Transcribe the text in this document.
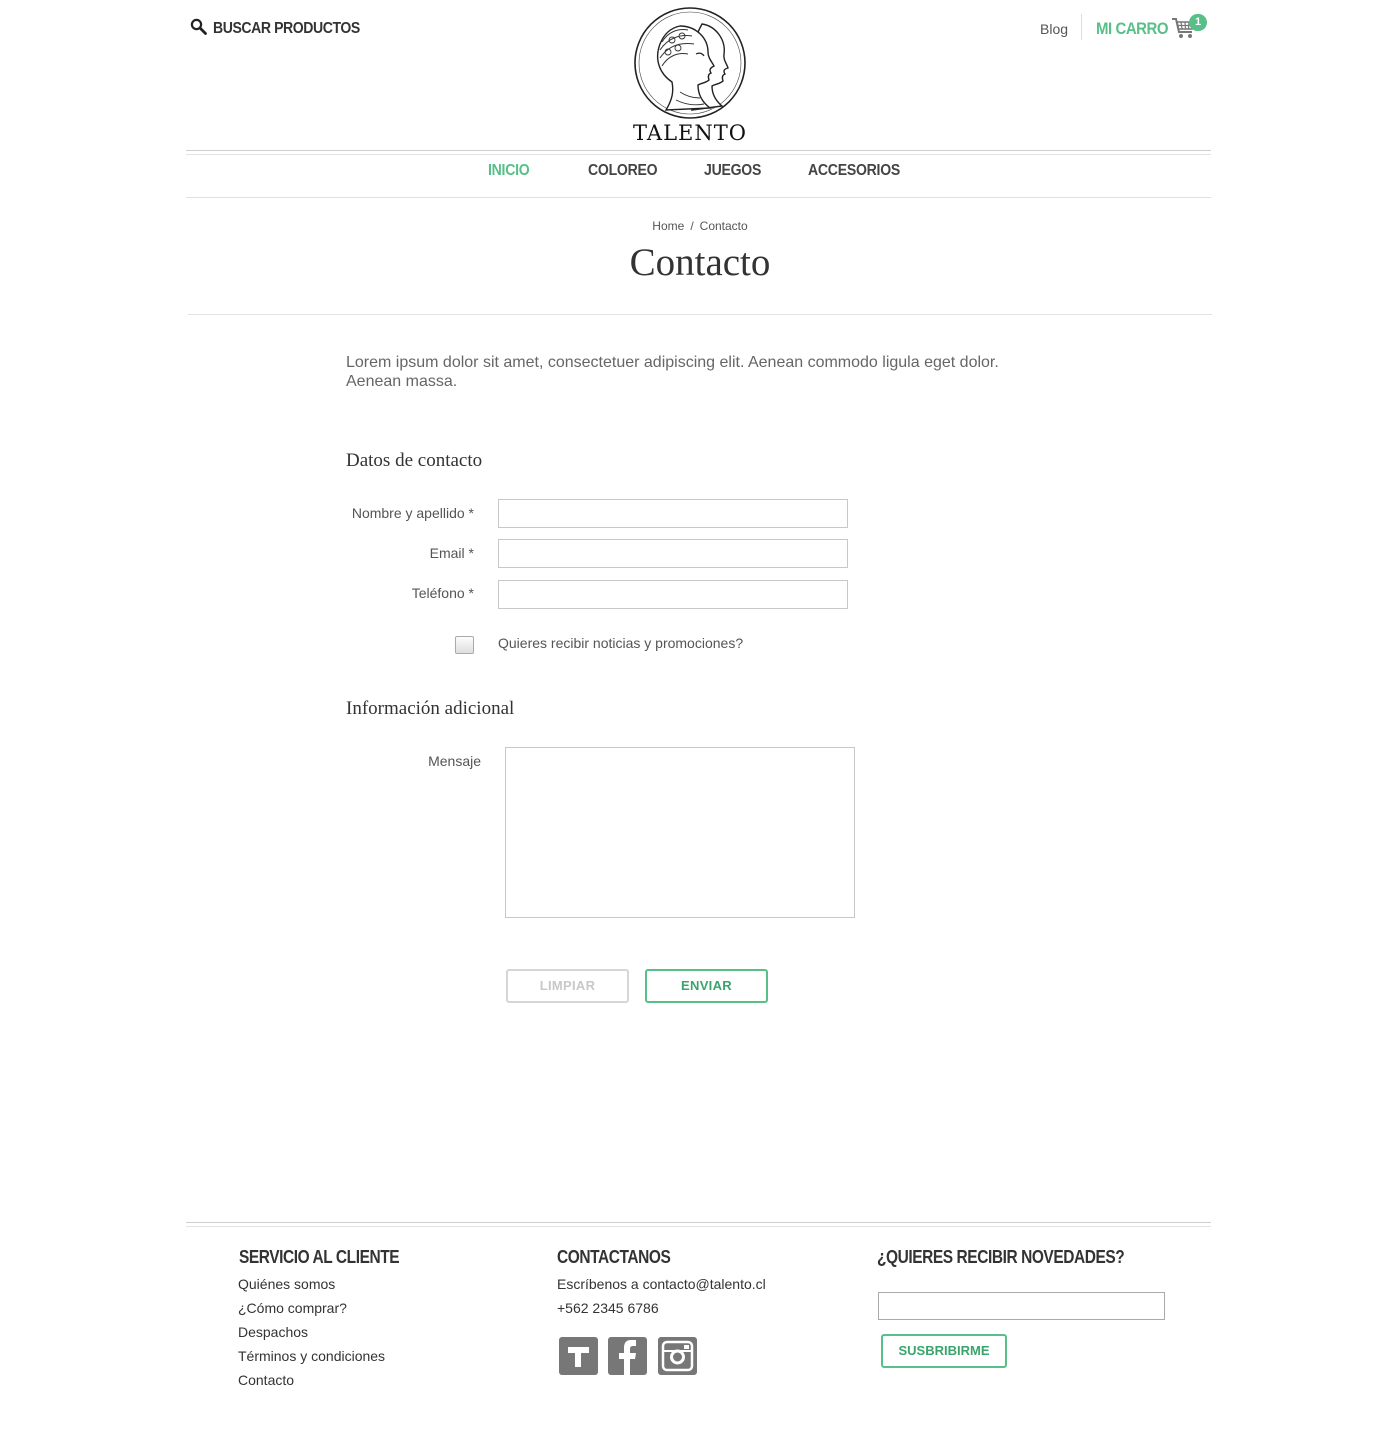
BUSCAR PRODUCTOS
TALENTO
Blog MI CARRO	1
INICIO	COLOREO	JUEGOS	ACCESORIOS
Home / Contacto
Contacto

Lorem ipsum dolor sit amet, consectetuer adipiscing elit. Aenean commodo ligula eget dolor. Aenean massa.

Datos de contacto
Nombre y apellido *
Email *
Teléfono *
Quieres recibir noticias y promociones?
Información adicional
Mensaje
LIMPIAR	ENVIAR
SERVICIO AL CLIENTE
Quiénes somos
¿Cómo comprar?
Despachos
Términos y condiciones
Contacto
CONTACTANOS
Escríbenos a contacto@talento.cl
+562 2345 6786
¿QUIERES RECIBIR NOVEDADES?
SUSBRIBIRME
